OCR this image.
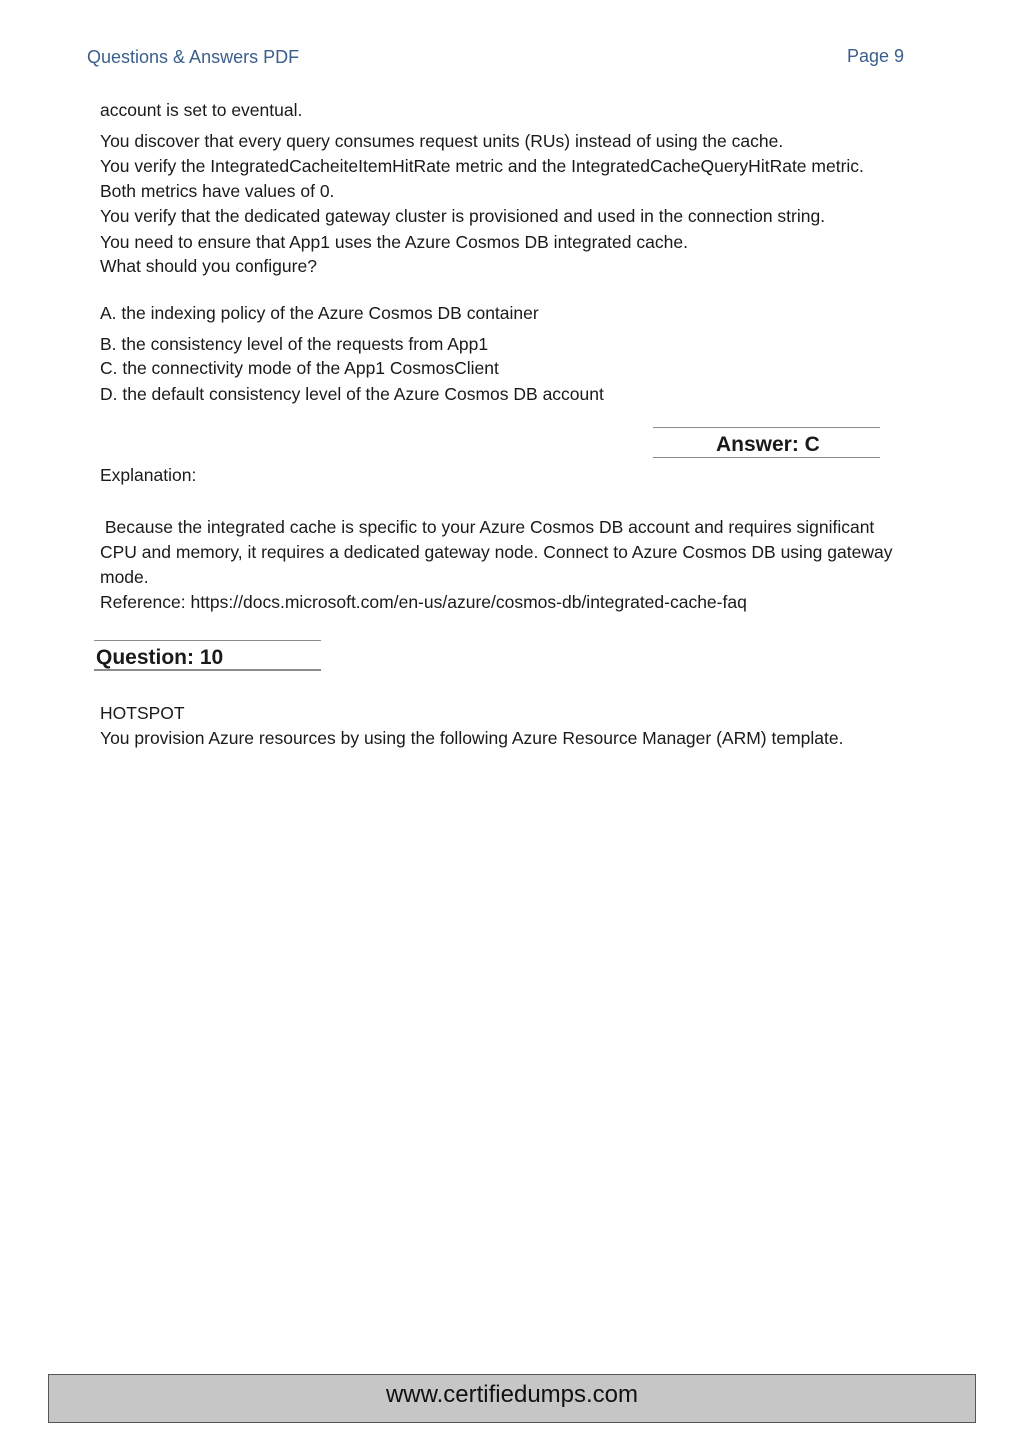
Questions & Answers PDF	Page 9
account is set to eventual.
You discover that every query consumes request units (RUs) instead of using the cache.
You verify the IntegratedCacheiteItemHitRate metric and the IntegratedCacheQueryHitRate metric.
Both metrics have values of 0.
You verify that the dedicated gateway cluster is provisioned and used in the connection string.
You need to ensure that App1 uses the Azure Cosmos DB integrated cache.
What should you configure?
A. the indexing policy of the Azure Cosmos DB container
B. the consistency level of the requests from App1
C. the connectivity mode of the App1 CosmosClient
D. the default consistency level of the Azure Cosmos DB account
Answer: C
Explanation:
Because the integrated cache is specific to your Azure Cosmos DB account and requires significant
CPU and memory, it requires a dedicated gateway node. Connect to Azure Cosmos DB using gateway
mode.
Reference: https://docs.microsoft.com/en-us/azure/cosmos-db/integrated-cache-faq
Question: 10
HOTSPOT
You provision Azure resources by using the following Azure Resource Manager (ARM) template.
www.certifiedumps.com
